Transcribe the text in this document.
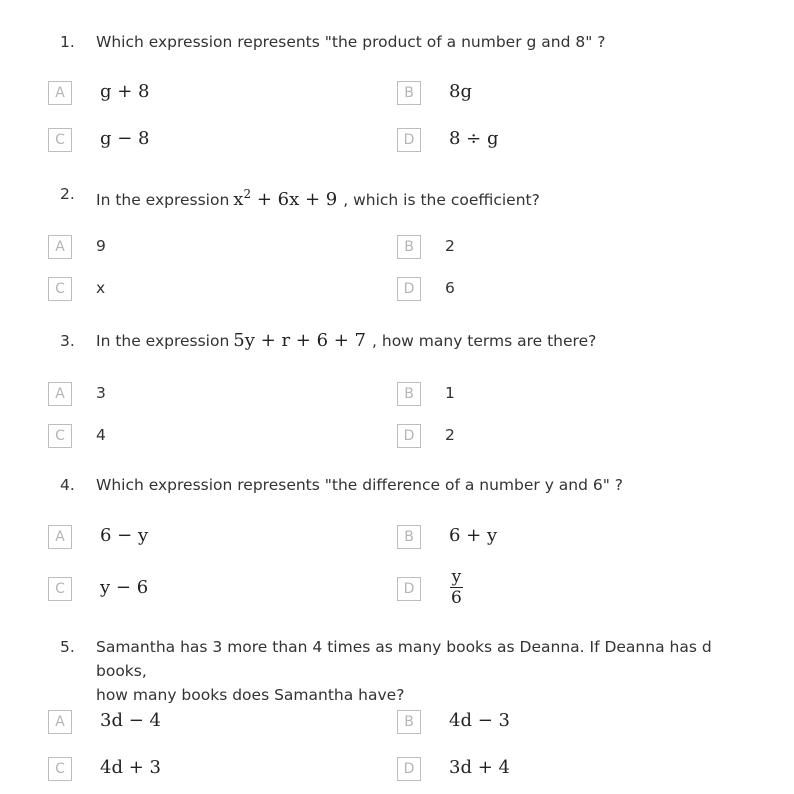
1. Which expression represents "the product of a number g and 8" ?
A	g + 8	B	8g
C	g − 8	D	8 ÷ g
2. In the expression $x^2 + 6x + 9$ , which is the coefficient?
A	9	B	2
C	x	D	6
3. In the expression 5y + r + 6 + 7 , how many terms are there?
A	3	B	1
C	4	D	2
4. Which expression represents "the difference of a number y and 6" ?
A	6 − y	B	6 + y
C	y − 6	D	$\frac{y}{6}$
5. Samantha has 3 more than 4 times as many books as Deanna. If Deanna has d books,
how many books does Samantha have?
A	3d − 4	B	4d − 3
C	4d + 3	D	3d + 4
